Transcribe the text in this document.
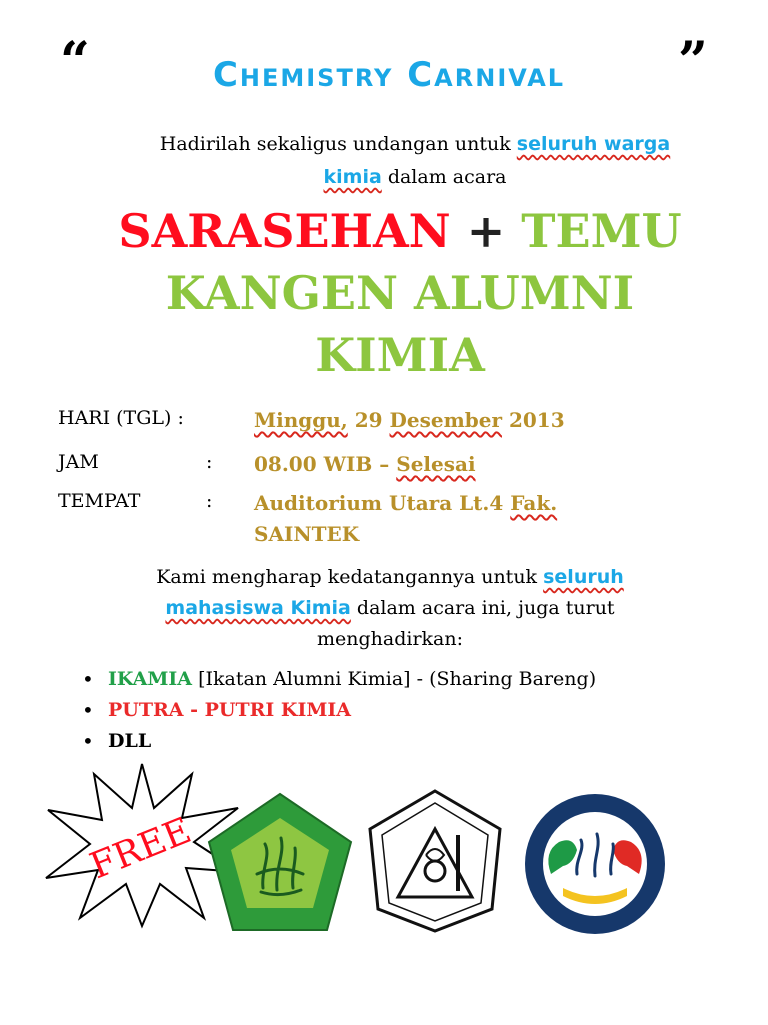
“	Chemistry Carnival	”
Hadirilah sekaligus undangan untuk seluruh warga
kimia dalam acara
SARASEHAN + TEMU
KANGEN ALUMNI
KIMIA
HARI (TGL) :	Minggu, 29 Desember 2013
JAM	: 08.00 WIB – Selesai
TEMPAT	: Auditorium Utara Lt.4 Fak.
SAINTEK
Kami mengharap kedatangannya untuk seluruh
mahasiswa Kimia dalam acara ini, juga turut menghadirkan:
• IKAMIA [Ikatan Alumni Kimia] - (Sharing Bareng)
• PUTRA - PUTRI KIMIA
• DLL
FREE
